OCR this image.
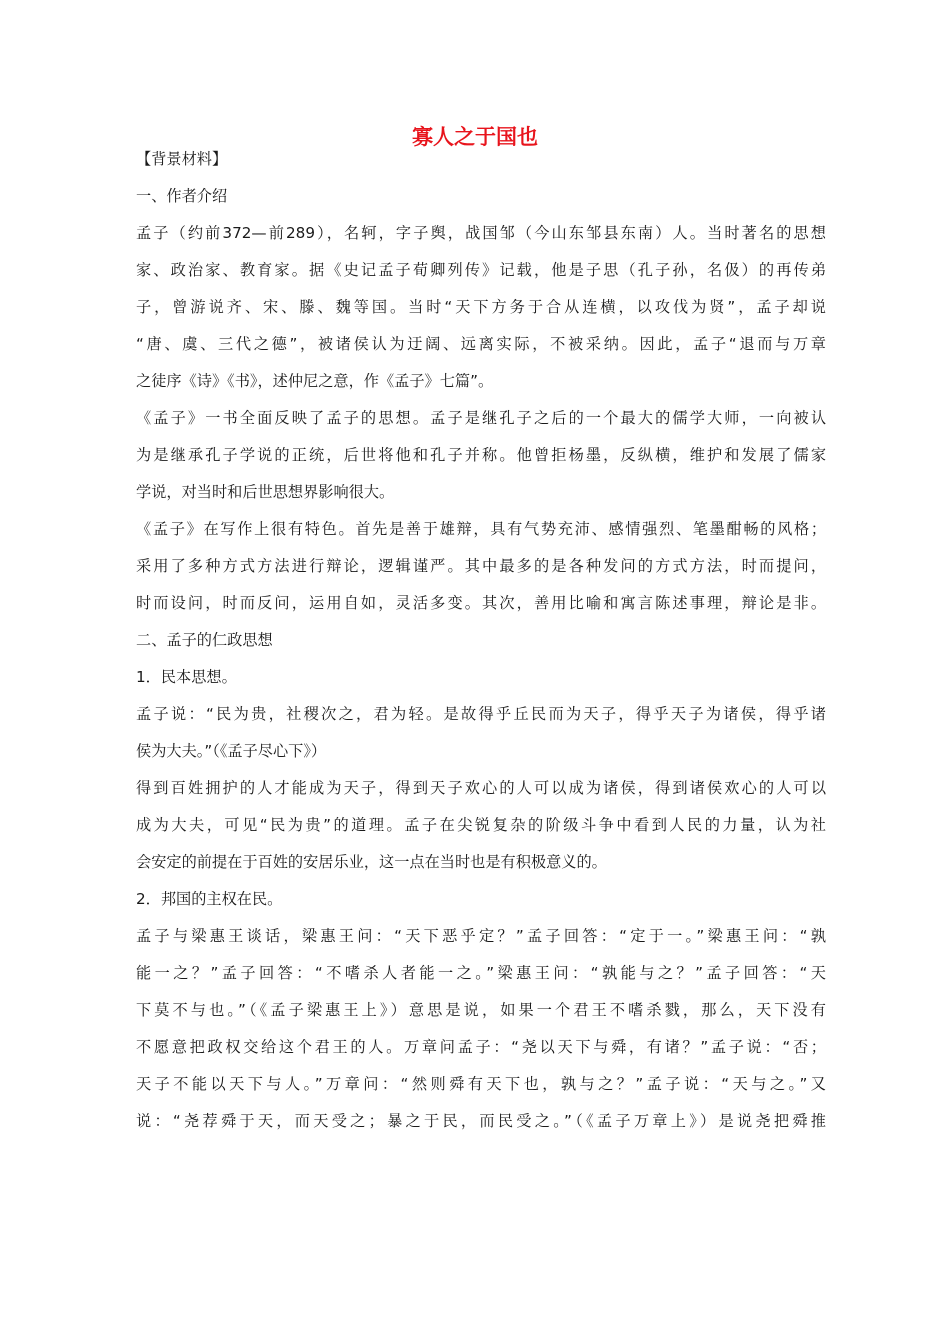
寡人之于国也

【背景材料】

一、作者介绍

孟子（约前372—前289），名轲，字子舆，战国邹（今山东邹县东南）人。当时著名的思想

家、政治家、教育家。据《史记孟子荀卿列传》记载，他是子思（孔子孙，名伋）的再传弟

子，曾游说齐、宋、滕、魏等国。当时“天下方务于合从连横，以攻伐为贤”，孟子却说

“唐、虞、三代之德”，被诸侯认为迂阔、远离实际，不被采纳。因此，孟子“退而与万章

之徒序《诗》《书》，述仲尼之意，作《孟子》七篇”。

《孟子》一书全面反映了孟子的思想。孟子是继孔子之后的一个最大的儒学大师，一向被认

为是继承孔子学说的正统，后世将他和孔子并称。他曾拒杨墨，反纵横，维护和发展了儒家

学说，对当时和后世思想界影响很大。

《孟子》在写作上很有特色。首先是善于雄辩，具有气势充沛、感情强烈、笔墨酣畅的风格；

采用了多种方式方法进行辩论，逻辑谨严。其中最多的是各种发问的方式方法，时而提问，

时而设问，时而反问，运用自如，灵活多变。其次，善用比喻和寓言陈述事理，辩论是非。

二、孟子的仁政思想

1．民本思想。

孟子说：“民为贵，社稷次之，君为轻。是故得乎丘民而为天子，得乎天子为诸侯，得乎诸

侯为大夫。”（《孟子尽心下》）

得到百姓拥护的人才能成为天子，得到天子欢心的人可以成为诸侯，得到诸侯欢心的人可以

成为大夫，可见“民为贵”的道理。孟子在尖锐复杂的阶级斗争中看到人民的力量，认为社

会安定的前提在于百姓的安居乐业，这一点在当时也是有积极意义的。

2．邦国的主权在民。

孟子与梁惠王谈话，梁惠王问：“天下恶乎定？”孟子回答：“定于一。”梁惠王问：“孰

能一之？”孟子回答：“不嗜杀人者能一之。”梁惠王问：“孰能与之？”孟子回答：“天

下莫不与也。”（《孟子梁惠王上》）意思是说，如果一个君王不嗜杀戮，那么，天下没有

不愿意把政权交给这个君王的人。万章问孟子：“尧以天下与舜，有诸？”孟子说：“否；

天子不能以天下与人。”万章问：“然则舜有天下也，孰与之？”孟子说：“天与之。”又

说：“尧荐舜于天，而天受之；暴之于民，而民受之。”（《孟子万章上》）是说尧把舜推
